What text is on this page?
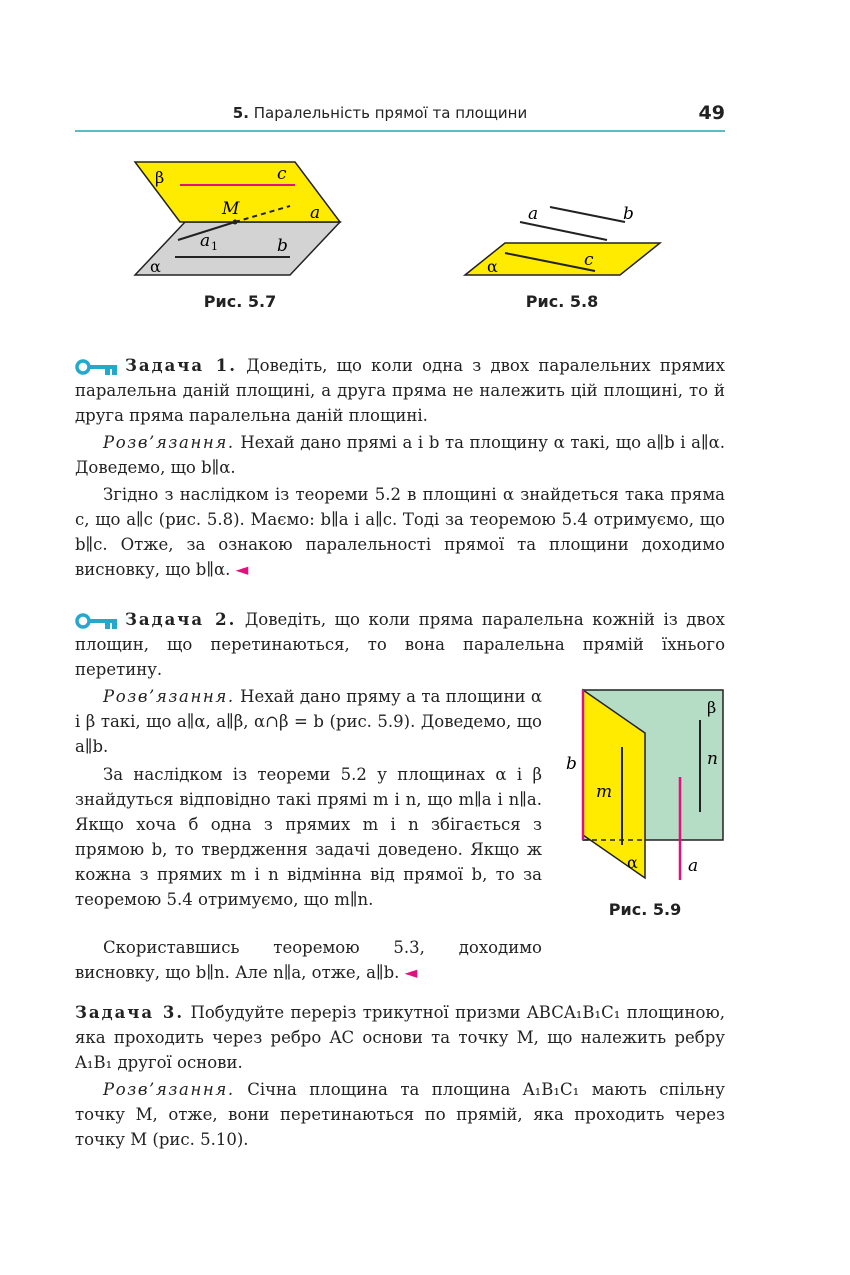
5. Паралельність прямої та площини	49
β	c
M	a
a 1	b
α
Рис. 5.7
a	b
α	c
Рис. 5.8

Задача 1. Доведіть, що коли одна з двох паралельних прямих паралельна даній площині, а друга пряма не належить цій площині, то й друга пряма паралельна даній площині.

Розв’язання. Нехай дано прямі a і b та площину α такі, що a∥b і a∥α. Доведемо, що b∥α.

Згідно з наслідком із теореми 5.2 в площині α знайдеться така пряма c, що a∥c (рис. 5.8). Маємо: b∥a і a∥c. Тоді за теоремою 5.4 отримуємо, що b∥c. Отже, за ознакою паралельності прямої та площини доходимо висновку, що b∥α. ◄

Задача 2. Доведіть, що коли пряма паралельна кожній із двох площин, що перетинаються, то вона паралельна прямій їхнього перетину.

Розв’язання. Нехай дано пряму a та площини α і β такі, що a∥α, a∥β, α∩β = b (рис. 5.9). Доведемо, що a∥b.

За наслідком із теореми 5.2 у площинах α і β знайдуться відповідно такі прямі m і n, що m∥a і n∥a. Якщо хоча б одна з прямих m і n збігається з прямою b, то твердження задачі доведено. Якщо ж кожна з прямих m і n відмінна від прямої b, то за теоремою 5.4 отримуємо, що m∥n.

Скориставшись теоремою 5.3, доходимо висновку, що b∥n. Але n∥a, отже, a∥b. ◄

b
β
n
m
α	a
Рис. 5.9

Задача 3. Побудуйте переріз трикутної призми ABCA₁B₁C₁ площиною, яка проходить через ребро AC основи та точку M, що належить ребру A₁B₁ другої основи.

Розв’язання. Січна площина та площина A₁B₁C₁ мають спільну точку M, отже, вони перетинаються по прямій, яка проходить через точку M (рис. 5.10).
